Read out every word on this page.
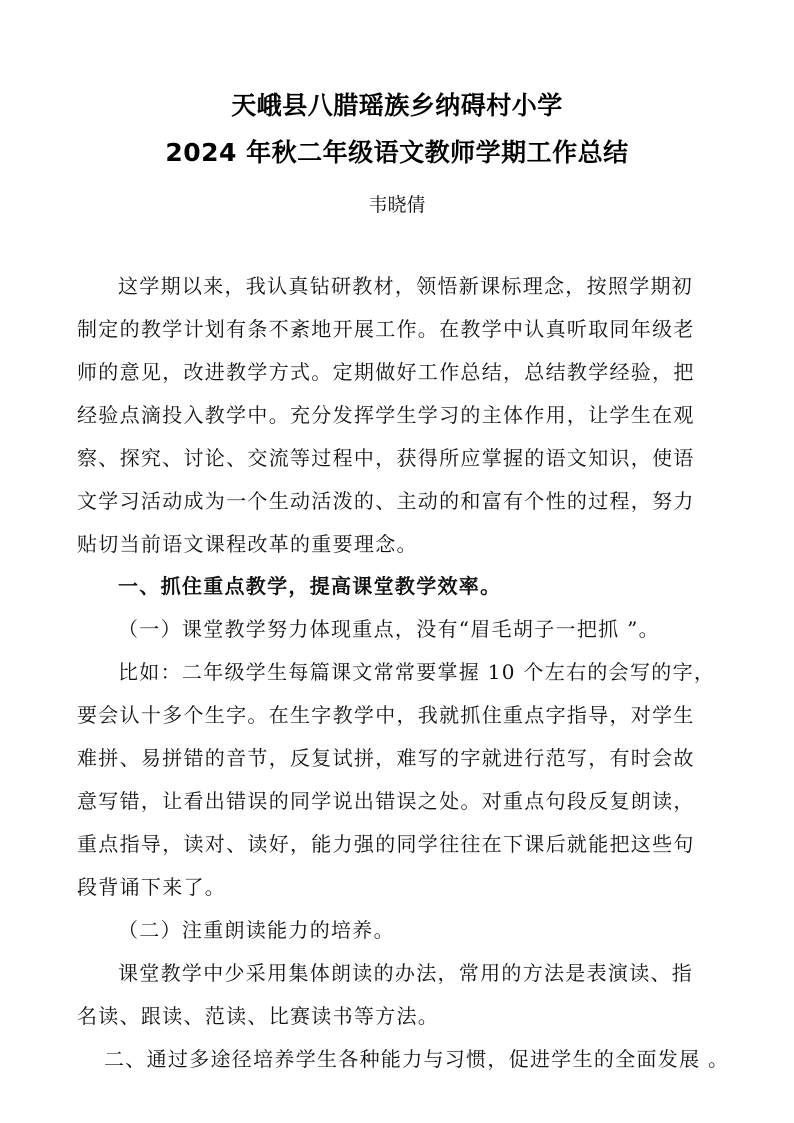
天峨县八腊瑶族乡纳碍村小学
2024 年秋二年级语文教师学期工作总结
韦晓倩
这学期以来，我认真钻研教材，领悟新课标理念，按照学期初
制定的教学计划有条不紊地开展工作。在教学中认真听取同年级老
师的意见，改进教学方式。定期做好工作总结，总结教学经验，把
经验点滴投入教学中。充分发挥学生学习的主体作用，让学生在观
察、探究、讨论、交流等过程中，获得所应掌握的语文知识，使语
文学习活动成为一个生动活泼的、主动的和富有个性的过程，努力
贴切当前语文课程改革的重要理念。
一、抓住重点教学，提高课堂教学效率。
（一）课堂教学努力体现重点，没有“眉毛胡子一把抓 ”。
比如：二年级学生每篇课文常常要掌握 10 个左右的会写的字，
要会认十多个生字。在生字教学中，我就抓住重点字指导，对学生
难拼、易拼错的音节，反复试拼，难写的字就进行范写，有时会故
意写错，让看出错误的同学说出错误之处。对重点句段反复朗读，
重点指导，读对、读好，能力强的同学往往在下课后就能把这些句
段背诵下来了。
（二）注重朗读能力的培养。
课堂教学中少采用集体朗读的办法，常用的方法是表演读、指
名读、跟读、范读、比赛读书等方法。
二、通过多途径培养学生各种能力与习惯，促进学生的全面发展 。
